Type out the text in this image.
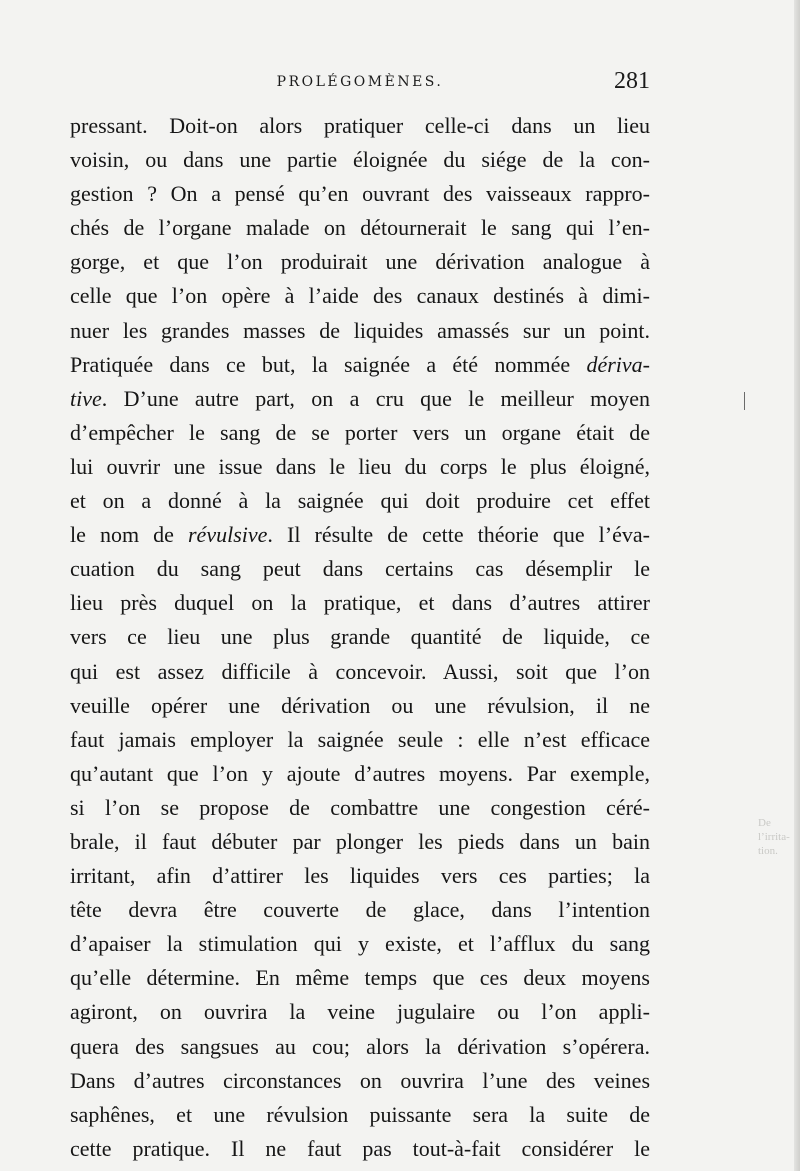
PROLÉGOMÈNES.	281
pressant. Doit-on alors pratiquer celle-ci dans un lieu
voisin, ou dans une partie éloignée du siége de la con-
gestion ? On a pensé qu’en ouvrant des vaisseaux rappro-
chés de l’organe malade on détournerait le sang qui l’en-
gorge, et que l’on produirait une dérivation analogue à
celle que l’on opère à l’aide des canaux destinés à dimi-
nuer les grandes masses de liquides amassés sur un point.
Pratiquée dans ce but, la saignée a été nommée dériva-
tive. D’une autre part, on a cru que le meilleur moyen
d’empêcher le sang de se porter vers un organe était de
lui ouvrir une issue dans le lieu du corps le plus éloigné,
et on a donné à la saignée qui doit produire cet effet
le nom de révulsive. Il résulte de cette théorie que l’éva-
cuation du sang peut dans certains cas désemplir le
lieu près duquel on la pratique, et dans d’autres attirer
vers ce lieu une plus grande quantité de liquide, ce
qui est assez difficile à concevoir. Aussi, soit que l’on
veuille opérer une dérivation ou une révulsion, il ne
faut jamais employer la saignée seule : elle n’est efficace
qu’autant que l’on y ajoute d’autres moyens. Par exemple,
si l’on se propose de combattre une congestion céré-
brale, il faut débuter par plonger les pieds dans un bain
irritant, afin d’attirer les liquides vers ces parties; la
tête devra être couverte de glace, dans l’intention
d’apaiser la stimulation qui y existe, et l’afflux du sang
qu’elle détermine. En même temps que ces deux moyens
agiront, on ouvrira la veine jugulaire ou l’on appli-
quera des sangsues au cou; alors la dérivation s’opérera.
Dans d’autres circonstances on ouvrira l’une des veines
saphênes, et une révulsion puissante sera la suite de
cette pratique. Il ne faut pas tout-à-fait considérer le
De l’irrita- tion.
